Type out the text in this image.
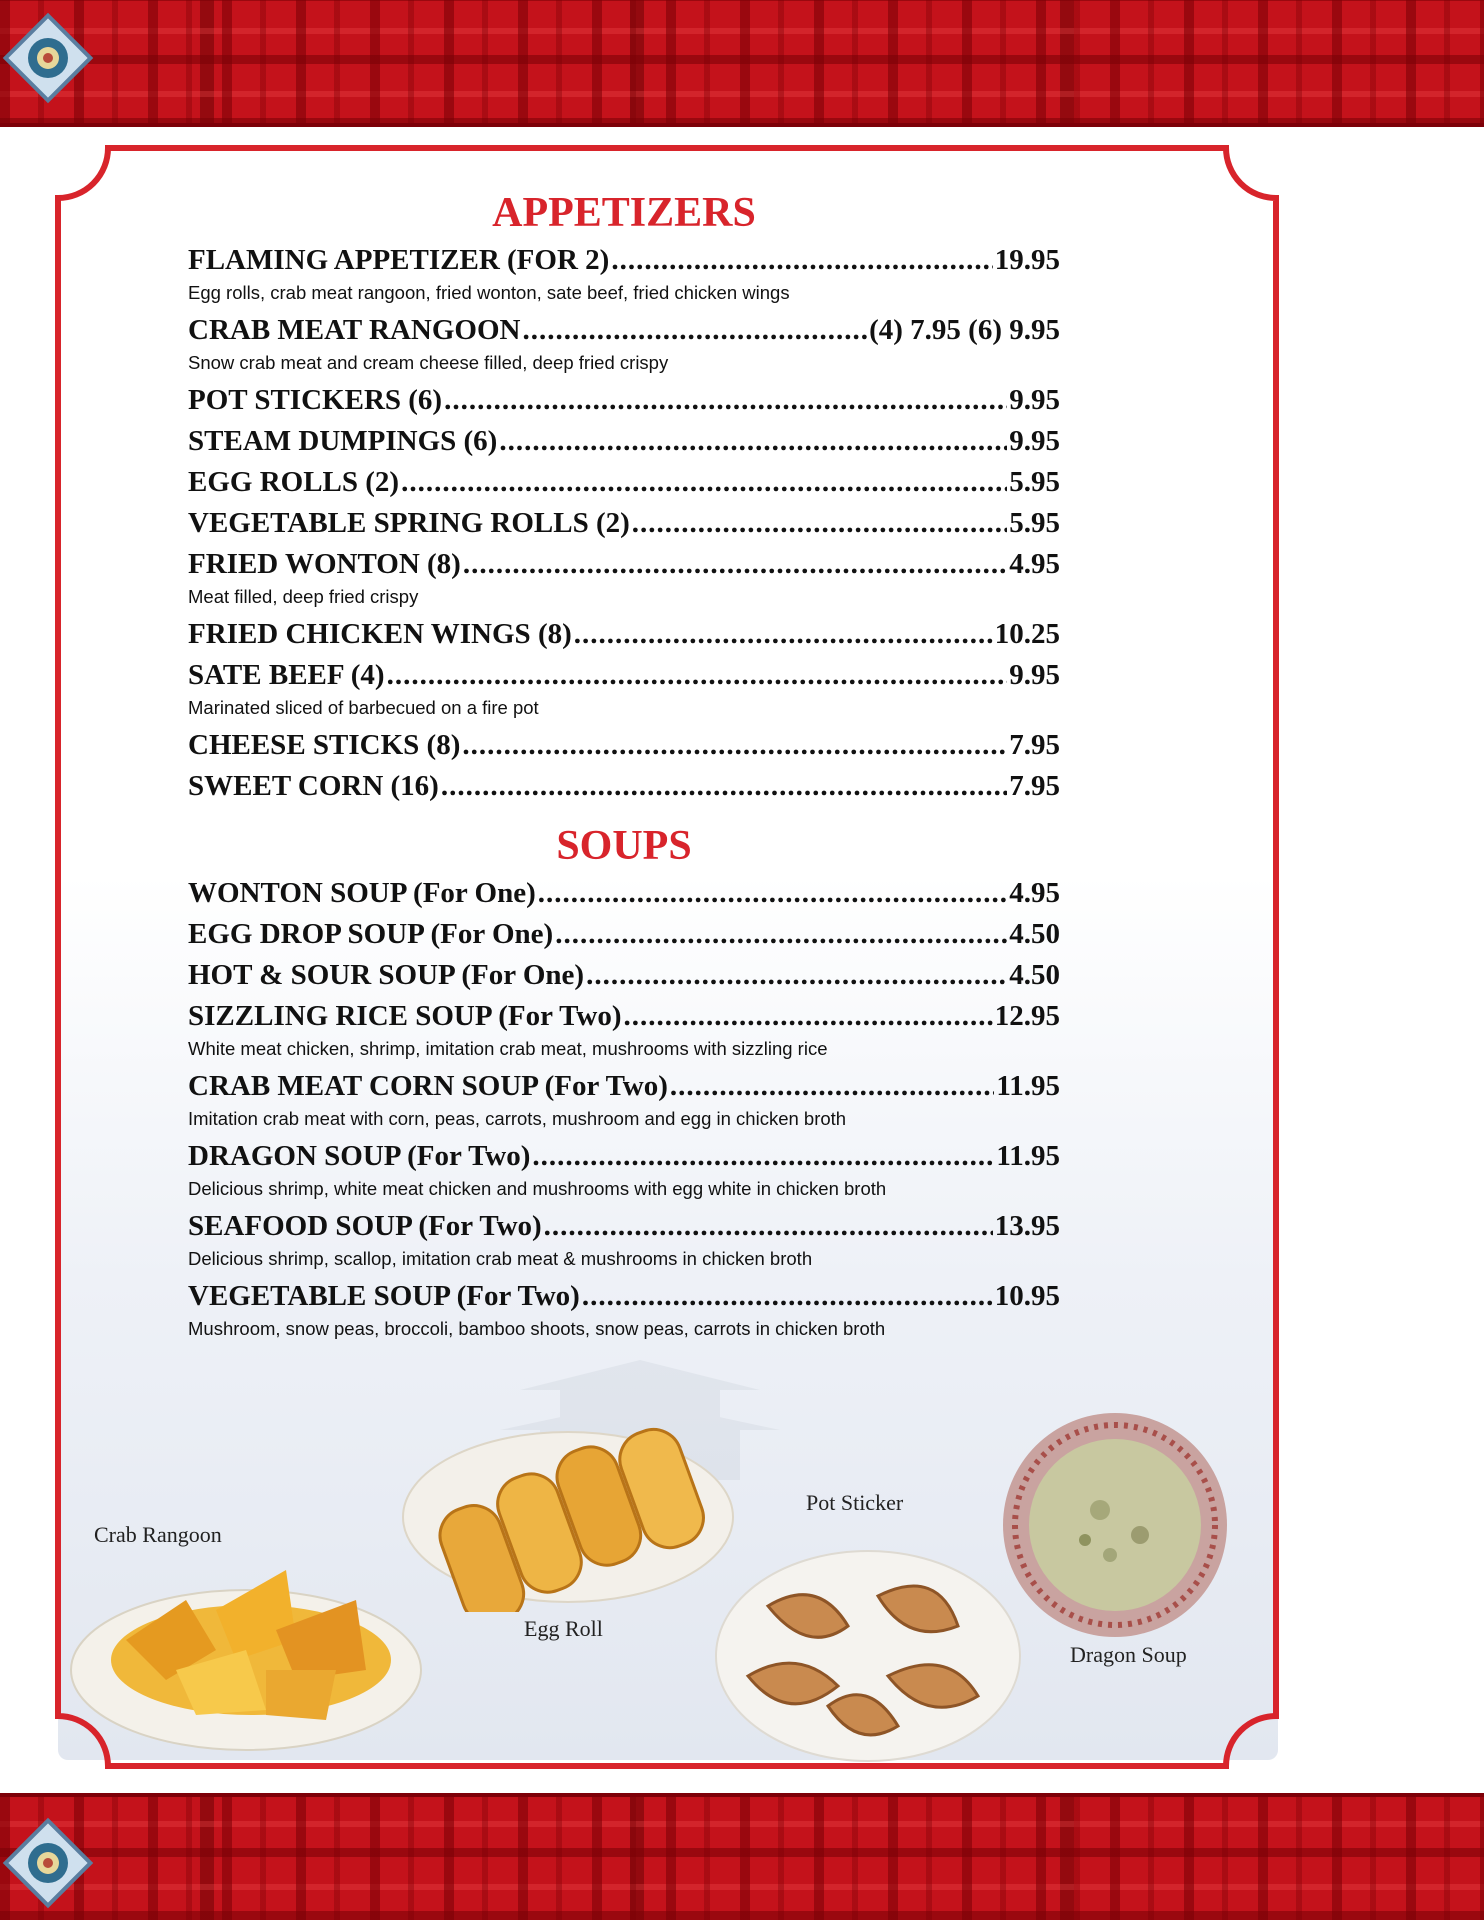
APPETIZERS
FLAMING APPETIZER (FOR 2) .....	19.95
Egg rolls, crab meat rangoon, fried wonton, sate beef, fried chicken wings
CRAB MEAT RANGOON .....	(4) 7.95 (6) 9.95
Snow crab meat and cream cheese filled, deep fried crispy
POT STICKERS (6) .....	9.95
STEAM DUMPINGS (6) .....	9.95
EGG ROLLS (2) .....	5.95
VEGETABLE SPRING ROLLS (2) .....	5.95
FRIED WONTON (8) .....	4.95
Meat filled, deep fried crispy
FRIED CHICKEN WINGS (8) .....	10.25
SATE BEEF (4) .....	9.95
Marinated sliced of barbecued on a fire pot
CHEESE STICKS (8) .....	7.95
SWEET CORN (16) .....	7.95
SOUPS
WONTON SOUP (For One) .....	4.95
EGG DROP SOUP (For One) .....	4.50
HOT & SOUR SOUP (For One) .....	4.50
SIZZLING RICE SOUP (For Two) .....	12.95
White meat chicken, shrimp, imitation crab meat, mushrooms with sizzling rice
CRAB MEAT CORN SOUP (For Two) .....	11.95
Imitation crab meat with corn, peas, carrots, mushroom and egg in chicken broth
DRAGON SOUP (For Two) .....	11.95
Delicious shrimp, white meat chicken and mushrooms with egg white in chicken broth
SEAFOOD SOUP (For Two) .....	13.95
Delicious shrimp, scallop, imitation crab meat & mushrooms in chicken broth
VEGETABLE SOUP (For Two) .....	10.95
Mushroom, snow peas, broccoli, bamboo shoots, snow peas, carrots in chicken broth
Crab Rangoon
Egg Roll
Pot Sticker
Dragon Soup
